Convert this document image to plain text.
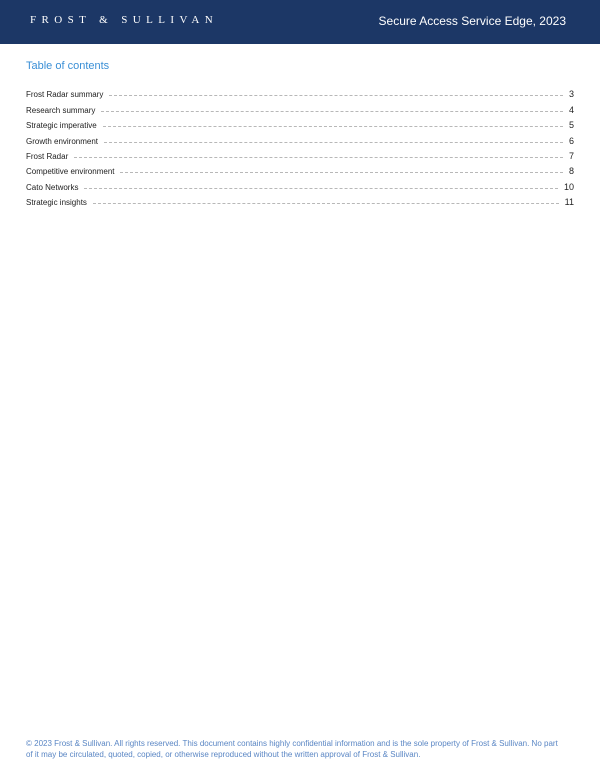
FROST & SULLIVAN	Secure Access Service Edge, 2023
Table of contents
Frost Radar summary	3
Research summary	4
Strategic imperative	5
Growth environment	6
Frost Radar	7
Competitive environment	8
Cato Networks	10
Strategic insights	11
© 2023 Frost & Sullivan. All rights reserved. This document contains highly confidential information and is the sole property of Frost & Sullivan. No part of it may be circulated, quoted, copied, or otherwise reproduced without the written approval of Frost & Sullivan.
